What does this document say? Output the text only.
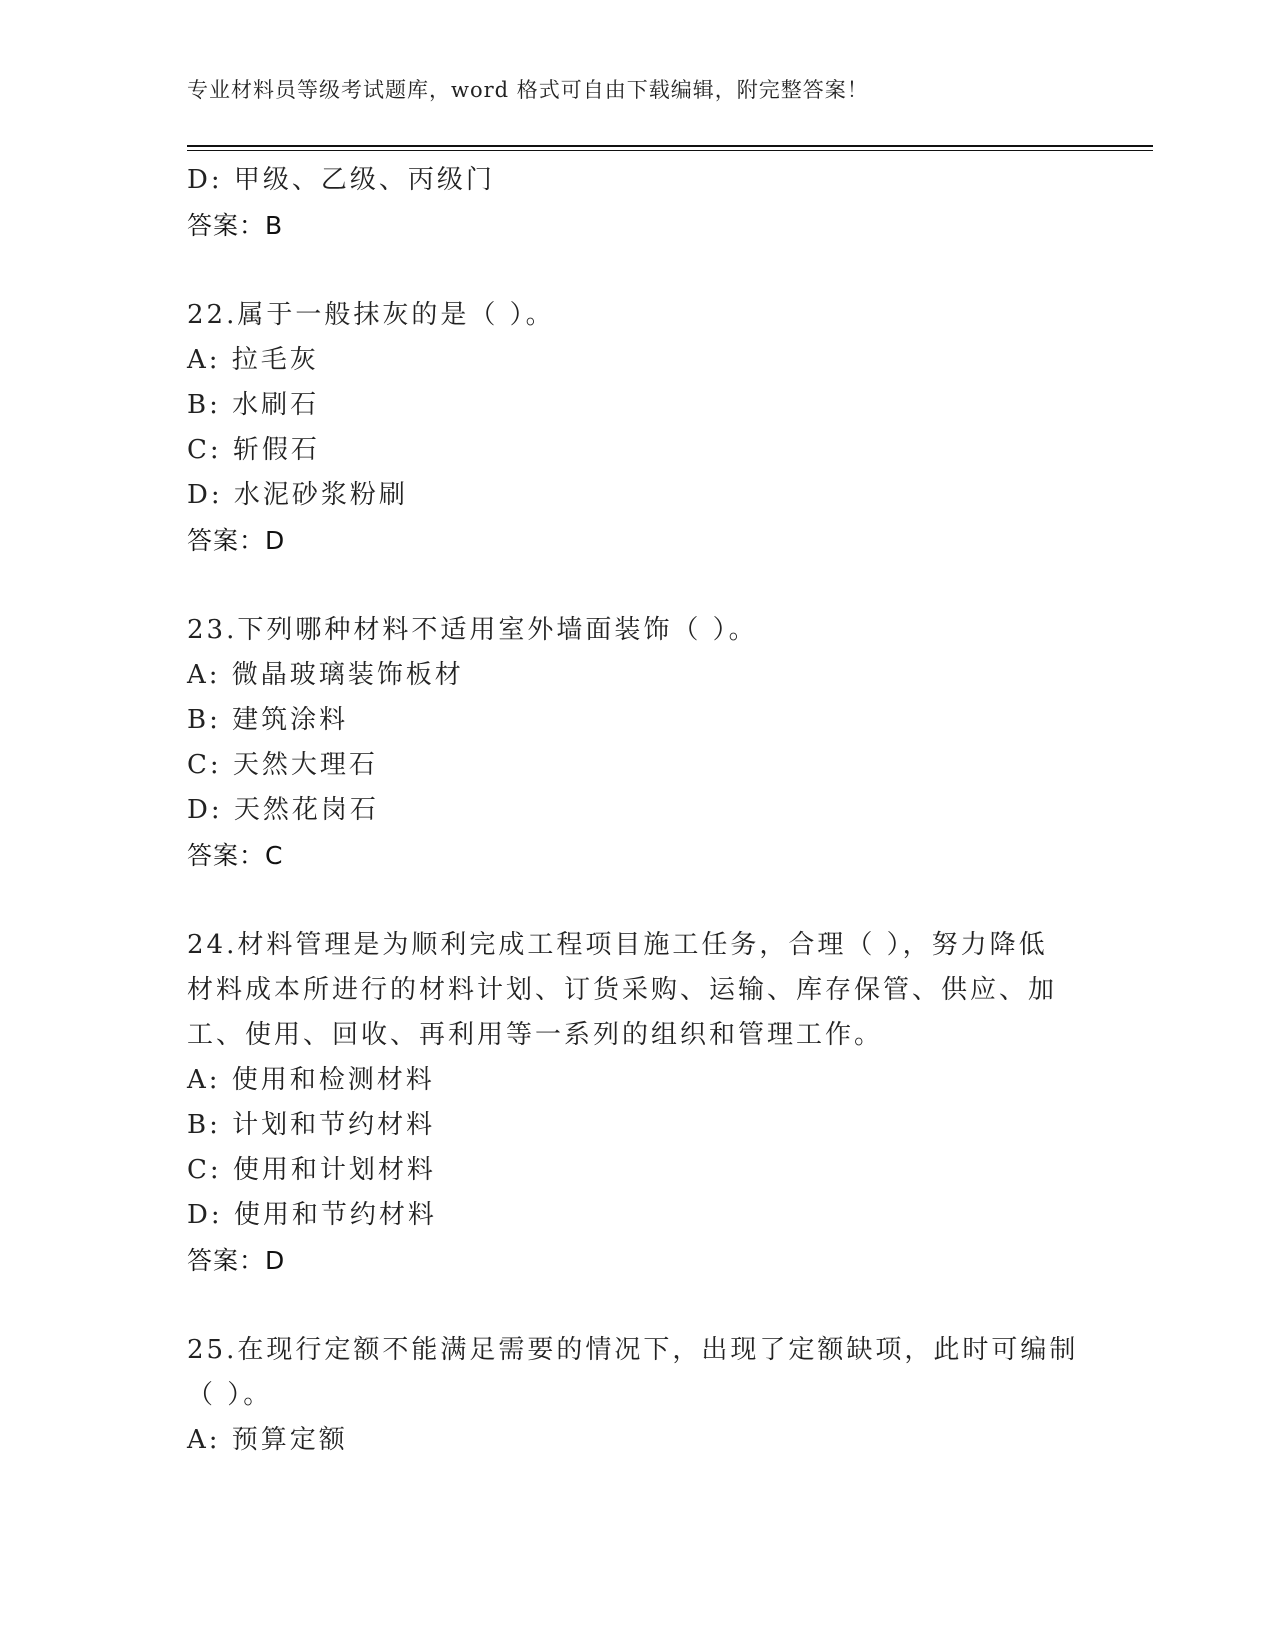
专业材料员等级考试题库，word 格式可自由下载编辑，附完整答案！
D: 甲级、乙级、丙级门
答案：B
22.属于一般抹灰的是（ ）。
A: 拉毛灰
B: 水刷石
C: 斩假石
D: 水泥砂浆粉刷
答案：D
23.下列哪种材料不适用室外墙面装饰（ ）。
A: 微晶玻璃装饰板材
B: 建筑涂料
C: 天然大理石
D: 天然花岗石
答案：C
24.材料管理是为顺利完成工程项目施工任务，合理（ ），努力降低
材料成本所进行的材料计划、订货采购、运输、库存保管、供应、加
工、使用、回收、再利用等一系列的组织和管理工作。
A: 使用和检测材料
B: 计划和节约材料
C: 使用和计划材料
D: 使用和节约材料
答案：D
25.在现行定额不能满足需要的情况下，出现了定额缺项，此时可编制
（ ）。
A: 预算定额
